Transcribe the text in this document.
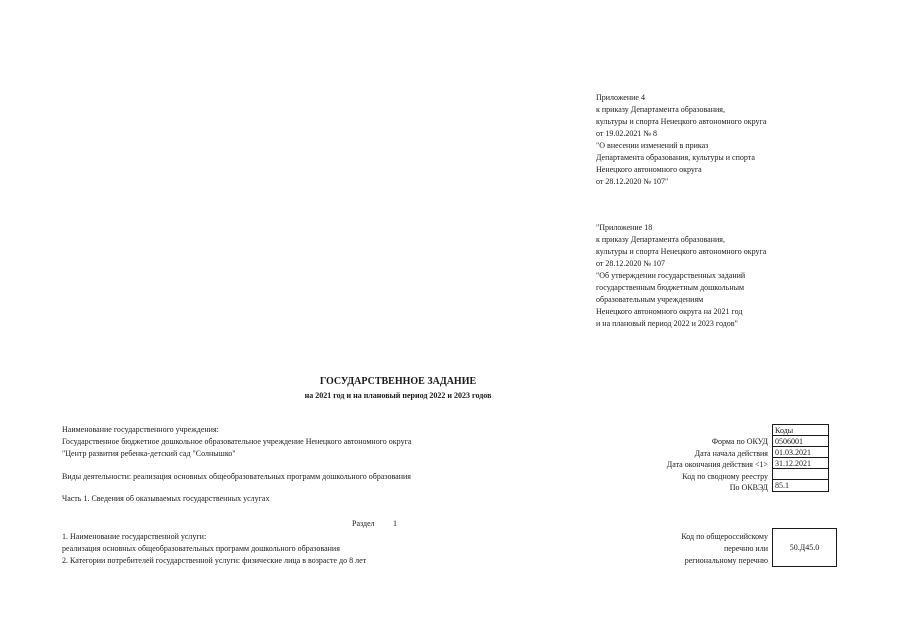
Приложение 4
к приказу Департамента образования,
культуры и спорта Ненецкого автономного округа
от 19.02.2021 № 8
"О внесении изменений в приказ
Департамента образования, культуры и спорта
Ненецкого автономного округа
от 28.12.2020 № 107"
"Приложение 18
к приказу Департамента образования,
культуры и спорта Ненецкого автономного округа
от 28.12.2020 № 107
"Об утверждении государственных заданий
государственным бюджетным дошкольным
образовательным учреждениям
Ненецкого автономного округа на 2021 год
и на плановый период 2022 и 2023 годов"
ГОСУДАРСТВЕННОЕ ЗАДАНИЕ
на 2021 год и на плановый период 2022 и 2023 годов
Наименование государственного учреждения:
Государственное бюджетное дошкольное образовательное учреждение Ненецкого автономного округа
"Центр развития ребенка-детский сад "Солнышко"
Виды деятельности: реализация основных общеобразовательных программ дошкольного образования
Часть 1. Сведения об оказываемых государственных услугах
Коды
Форма по ОКУД 0506001
Дата начала действия 01.03.2021
Дата окончания действия <1> 31.12.2021
Код по сводному реестру
По ОКВЭД 85.1
Раздел 1
1. Наименование государственной услуги:
реализация основных общеобразовательных программ дошкольного образования
2. Категории потребителей государственной услуги: физические лица в возрасте до 8 лет
Код по общероссийскому
перечню или
региональному перечню
50.Д45.0
